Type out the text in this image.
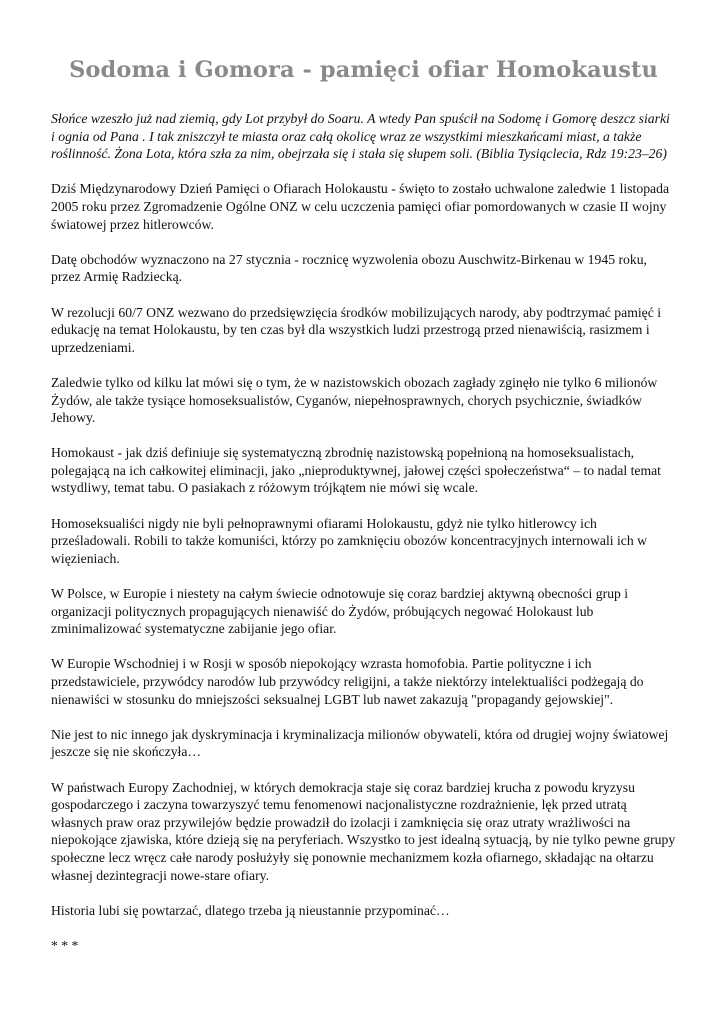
Sodoma i Gomora - pamięci ofiar Homokaustu

Słońce wzeszło już nad ziemią, gdy Lot przybył do Soaru. A wtedy Pan spuścił na Sodomę i Gomorę deszcz siarki i ognia od Pana . I tak zniszczył te miasta oraz całą okolicę wraz ze wszystkimi mieszkańcami miast, a także roślinność. Żona Lota, która szła za nim, obejrzała się i stała się słupem soli. (Biblia Tysiąclecia, Rdz 19:23–26)

Dziś Międzynarodowy Dzień Pamięci o Ofiarach Holokaustu - święto to zostało uchwalone zaledwie 1 listopada 2005 roku przez Zgromadzenie Ogólne ONZ w celu uczczenia pamięci ofiar pomordowanych w czasie II wojny światowej przez hitlerowców.

Datę obchodów wyznaczono na 27 stycznia - rocznicę wyzwolenia obozu Auschwitz-Birkenau w 1945 roku, przez Armię Radziecką.

W rezolucji 60/7 ONZ wezwano do przedsięwzięcia środków mobilizujących narody, aby podtrzymać pamięć i edukację na temat Holokaustu, by ten czas był dla wszystkich ludzi przestrogą przed nienawiścią, rasizmem i uprzedzeniami.

Zaledwie tylko od kilku lat mówi się o tym, że w nazistowskich obozach zagłady zginęło nie tylko 6 milionów Żydów, ale także tysiące homoseksualistów, Cyganów, niepełnosprawnych, chorych psychicznie, świadków Jehowy.

Homokaust - jak dziś definiuje się systematyczną zbrodnię nazistowską popełnioną na homoseksualistach, polegającą na ich całkowitej eliminacji, jako „nieproduktywnej, jałowej części społeczeństwa“ – to nadal temat wstydliwy, temat tabu. O pasiakach z różowym trójkątem nie mówi się wcale.

Homoseksualiści nigdy nie byli pełnoprawnymi ofiarami Holokaustu, gdyż nie tylko hitlerowcy ich prześladowali. Robili to także komuniści, którzy po zamknięciu obozów koncentracyjnych internowali ich w więzieniach.

W Polsce, w Europie i niestety na całym świecie odnotowuje się coraz bardziej aktywną obecności grup i organizacji politycznych propagujących nienawiść do Żydów, próbujących negować Holokaust lub zminimalizować systematyczne zabijanie jego ofiar.

W Europie Wschodniej i w Rosji w sposób niepokojący wzrasta homofobia. Partie polityczne i ich przedstawiciele, przywódcy narodów lub przywódcy religijni, a także niektórzy intelektualiści podżegają do nienawiści w stosunku do mniejszości seksualnej LGBT lub nawet zakazują "propagandy gejowskiej".

Nie jest to nic innego jak dyskryminacja i kryminalizacja milionów obywateli, która od drugiej wojny światowej jeszcze się nie skończyła…

W państwach Europy Zachodniej, w których demokracja staje się coraz bardziej krucha z powodu kryzysu gospodarczego i zaczyna towarzyszyć temu fenomenowi nacjonalistyczne rozdrażnienie, lęk przed utratą własnych praw oraz przywilejów będzie prowadził do izolacji i zamknięcia się oraz utraty wrażliwości na niepokojące zjawiska, które dzieją się na peryferiach. Wszystko to jest idealną sytuacją, by nie tylko pewne grupy społeczne lecz wręcz całe narody posłużyły się ponownie mechanizmem kozła ofiarnego, składając na ołtarzu własnej dezintegracji nowe-stare ofiary.

Historia lubi się powtarzać, dlatego trzeba ją nieustannie przypominać…

* * *
